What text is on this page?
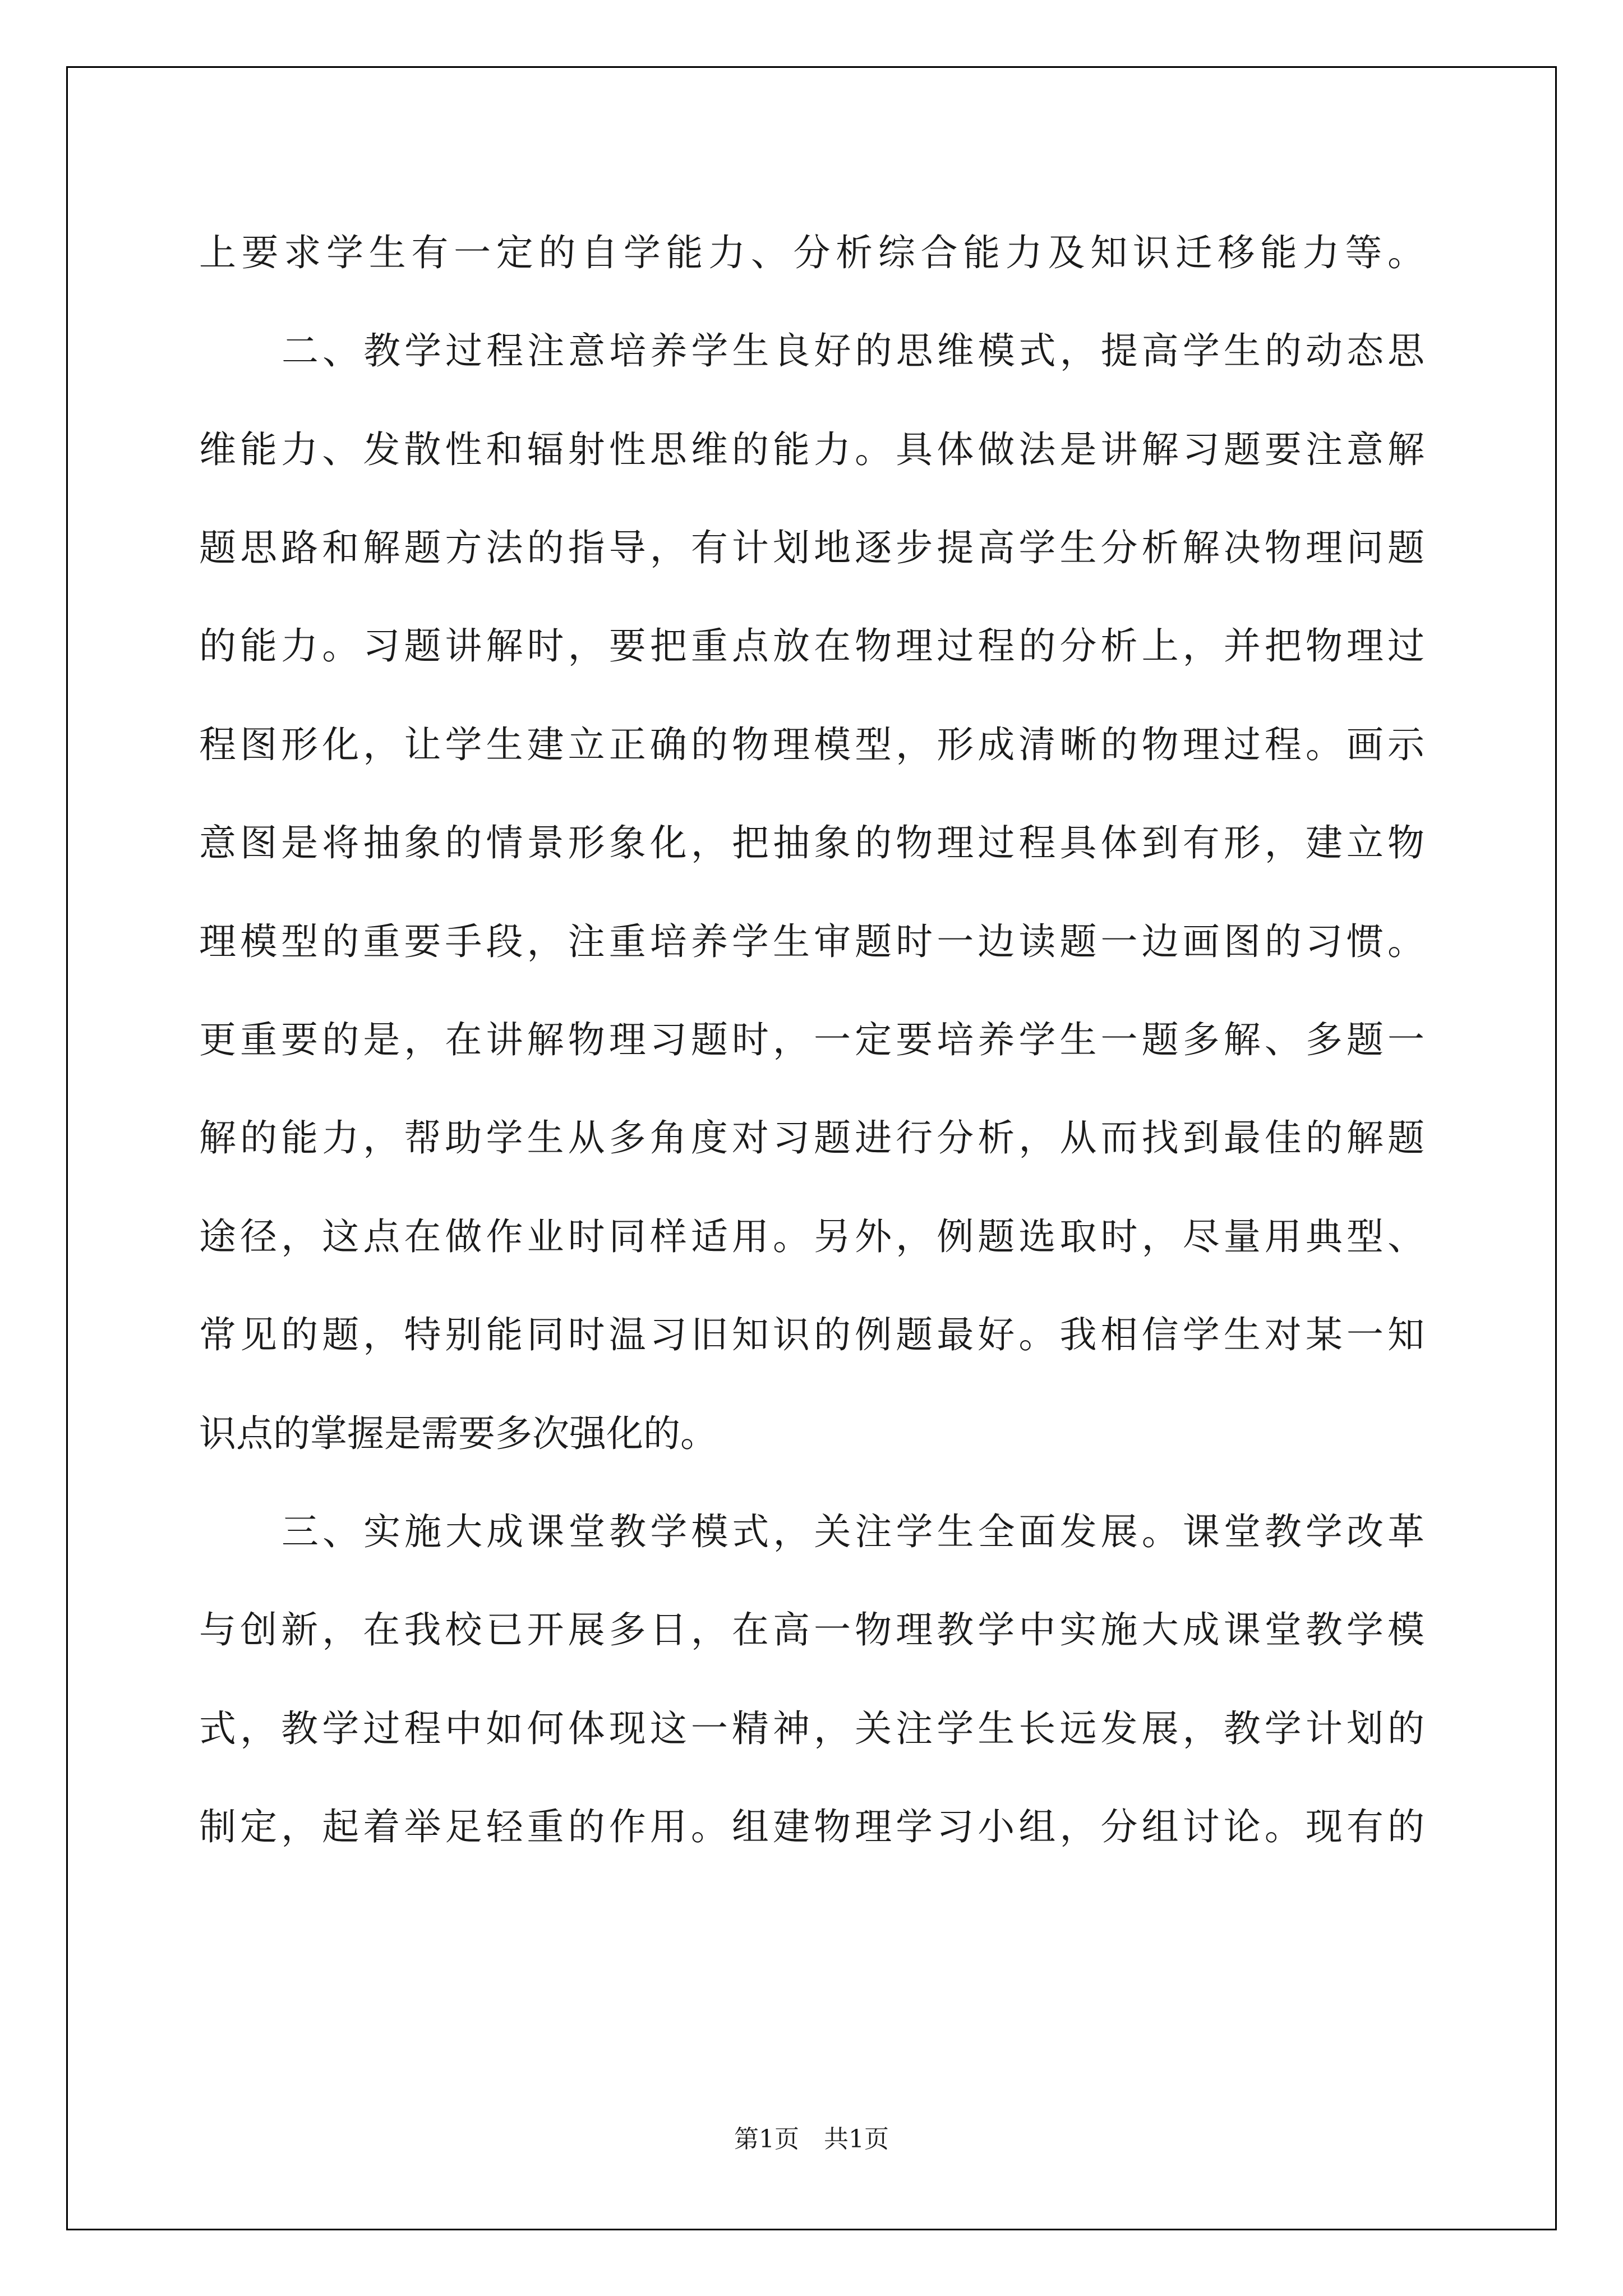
上要求学生有一定的自学能力、分析综合能力及知识迁移能力等。
二、教学过程注意培养学生良好的思维模式，提高学生的动态思
维能力、发散性和辐射性思维的能力。具体做法是讲解习题要注意解
题思路和解题方法的指导，有计划地逐步提高学生分析解决物理问题
的能力。习题讲解时，要把重点放在物理过程的分析上，并把物理过
程图形化，让学生建立正确的物理模型，形成清晰的物理过程。画示
意图是将抽象的情景形象化，把抽象的物理过程具体到有形，建立物
理模型的重要手段，注重培养学生审题时一边读题一边画图的习惯。
更重要的是，在讲解物理习题时，一定要培养学生一题多解、多题一
解的能力，帮助学生从多角度对习题进行分析，从而找到最佳的解题
途径，这点在做作业时同样适用。另外，例题选取时，尽量用典型、
常见的题，特别能同时温习旧知识的例题最好。我相信学生对某一知
识点的掌握是需要多次强化的。
三、实施大成课堂教学模式，关注学生全面发展。课堂教学改革
与创新，在我校已开展多日，在高一物理教学中实施大成课堂教学模
式，教学过程中如何体现这一精神，关注学生长远发展，教学计划的
制定，起着举足轻重的作用。组建物理学习小组，分组讨论。现有的
第1页　共1页
